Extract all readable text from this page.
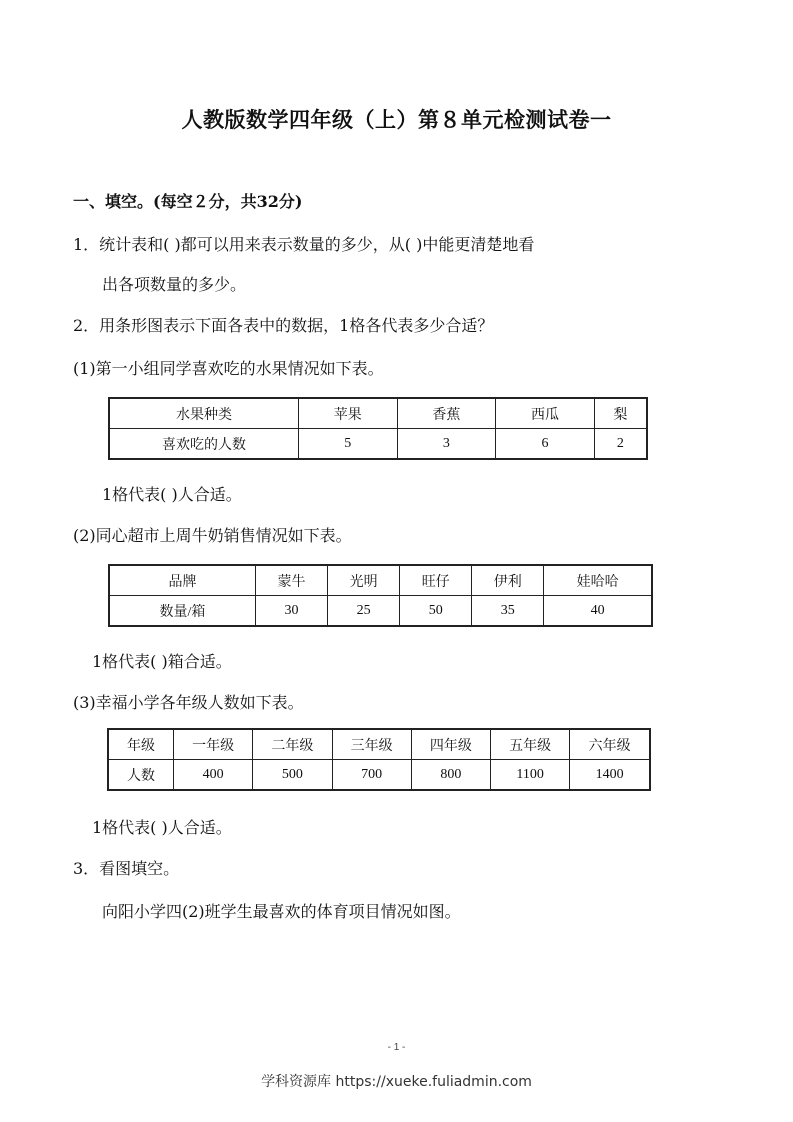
人教版数学四年级（上）第８单元检测试卷一
一、填空。(每空２分，共32分)
1．统计表和( )都可以用来表示数量的多少，从( )中能更清楚地看
出各项数量的多少。
2．用条形图表示下面各表中的数据，1格各代表多少合适？
(1)第一小组同学喜欢吃的水果情况如下表。
水果种类	苹果	香蕉	西瓜	梨
喜欢吃的人数	5	3	6	2
1格代表( )人合适。
(2)同心超市上周牛奶销售情况如下表。
品牌	蒙牛	光明	旺仔	伊利	娃哈哈
数量/箱	30	25	50	35	40
1格代表( )箱合适。
(3)幸福小学各年级人数如下表。
年级	一年级	二年级	三年级	四年级	五年级	六年级
人数	400	500	700	800	1100	1400
1格代表( )人合适。
3．看图填空。
向阳小学四(2)班学生最喜欢的体育项目情况如图。
- 1 -
学科资源库 https://xueke.fuliadmin.com
